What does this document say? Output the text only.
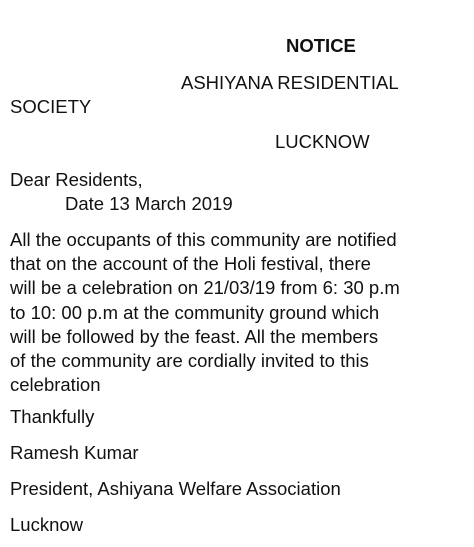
NOTICE
ASHIYANA RESIDENTIAL
SOCIETY
LUCKNOW
Dear Residents,
Date 13 March 2019
All the occupants of this community are notified
that on the account of the Holi festival, there
will be a celebration on 21/03/19 from 6: 30 p.m
to 10: 00 p.m at the community ground which
will be followed by the feast. All the members
of the community are cordially invited to this
celebration
Thankfully
Ramesh Kumar
President, Ashiyana Welfare Association
Lucknow
